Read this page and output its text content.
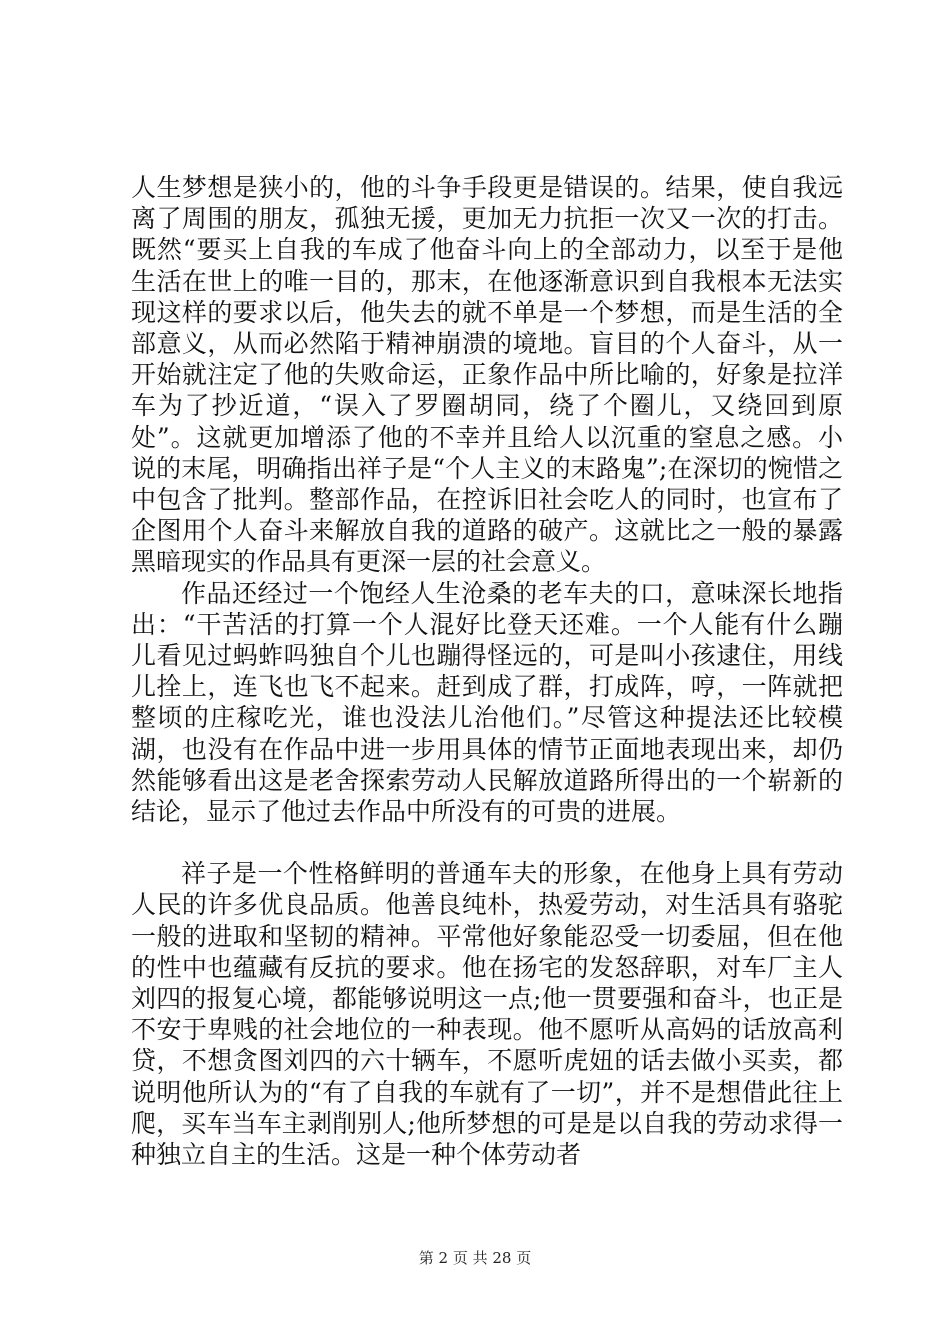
人生梦想是狭小的，他的斗争手段更是错误的。结果，使自我远离了周围的朋友，孤独无援，更加无力抗拒一次又一次的打击。既然“要买上自我的车成了他奋斗向上的全部动力，以至于是他生活在世上的唯一目的，那末，在他逐渐意识到自我根本无法实现这样的要求以后，他失去的就不单是一个梦想，而是生活的全部意义，从而必然陷于精神崩溃的境地。盲目的个人奋斗，从一开始就注定了他的失败命运，正象作品中所比喻的，好象是拉洋车为了抄近道，“误入了罗圈胡同，绕了个圈儿，又绕回到原处”。这就更加增添了他的不幸并且给人以沉重的窒息之感。小说的末尾，明确指出祥子是“个人主义的末路鬼”;在深切的惋惜之中包含了批判。整部作品，在控诉旧社会吃人的同时，也宣布了企图用个人奋斗来解放自我的道路的破产。这就比之一般的暴露黑暗现实的作品具有更深一层的社会意义。

作品还经过一个饱经人生沧桑的老车夫的口，意味深长地指出：“干苦活的打算一个人混好比登天还难。一个人能有什么蹦儿看见过蚂蚱吗独自个儿也蹦得怪远的，可是叫小孩逮住，用线儿拴上，连飞也飞不起来。赶到成了群，打成阵，哼，一阵就把整顷的庄稼吃光，谁也没法儿治他们。”尽管这种提法还比较模湖，也没有在作品中进一步用具体的情节正面地表现出来，却仍然能够看出这是老舍探索劳动人民解放道路所得出的一个崭新的结论，显示了他过去作品中所没有的可贵的进展。

祥子是一个性格鲜明的普通车夫的形象，在他身上具有劳动人民的许多优良品质。他善良纯朴，热爱劳动，对生活具有骆驼一般的进取和坚韧的精神。平常他好象能忍受一切委屈，但在他的性中也蕴藏有反抗的要求。他在扬宅的发怒辞职，对车厂主人刘四的报复心境，都能够说明这一点;他一贯要强和奋斗，也正是不安于卑贱的社会地位的一种表现。他不愿听从高妈的话放高利贷，不想贪图刘四的六十辆车，不愿听虎妞的话去做小买卖，都说明他所认为的“有了自我的车就有了一切”，并不是想借此往上爬，买车当车主剥削别人;他所梦想的可是是以自我的劳动求得一种独立自主的生活。这是一种个体劳动者

第 2 页 共 28 页
